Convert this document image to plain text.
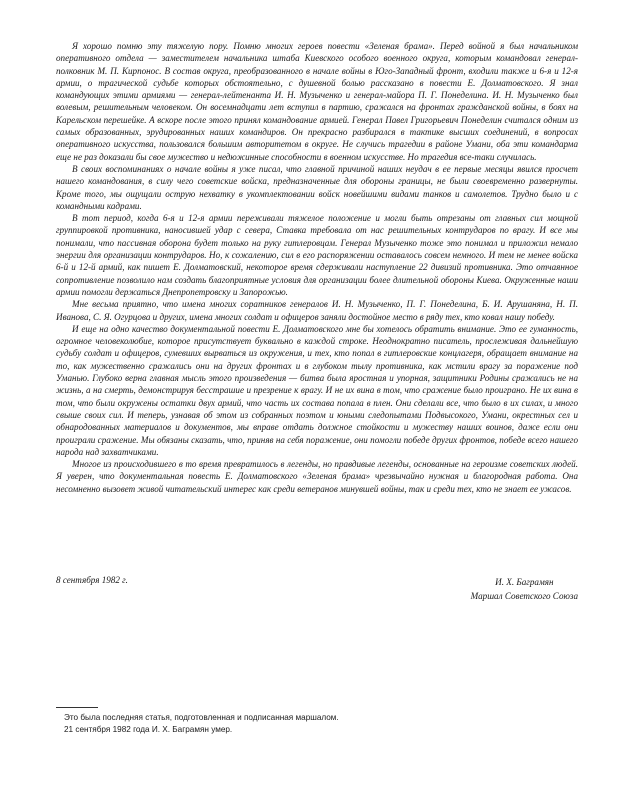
Я хорошо помню эту тяжелую пору. Помню многих героев повести «Зеленая брама». Перед войной я был начальником оперативного отдела — заместителем начальника штаба Киевского особого военного округа, которым командовал генерал-полковник М. П. Кирпонос. В состав округа, преобразованного в начале войны в Юго-Западный фронт, входили также и 6-я и 12-я армии, о трагической судьбе которых обстоятельно, с душевной болью рассказано в повести Е. Долматовского. Я знал командующих этими армиями — генерал-лейтенанта И. Н. Музыченко и генерал-майора П. Г. Понеделина. И. Н. Музыченко был волевым, решительным человеком. Он восемнадцати лет вступил в партию, сражался на фронтах гражданской войны, в боях на Карельском перешейке. А вскоре после этого принял командование армией. Генерал Павел Григорьевич Понеделин считался одним из самых образованных, эрудированных наших командиров. Он прекрасно разбирался в тактике высших соединений, в вопросах оперативного искусства, пользовался большим авторитетом в округе. Не случись трагедии в районе Умани, оба эти командарма еще не раз доказали бы свое мужество и недюжинные способности в военном искусстве. Но трагедия все-таки случилась.

В своих воспоминаниях о начале войны я уже писал, что главной причиной наших неудач в ее первые месяцы явился просчет нашего командования, в силу чего советские войска, предназначенные для обороны границы, не были своевременно развернуты. Кроме того, мы ощущали острую нехватку в укомплектовании войск новейшими видами танков и самолетов. Трудно было и с командными кадрами.

В тот период, когда 6-я и 12-я армии переживали тяжелое положение и могли быть отрезаны от главных сил мощной группировкой противника, наносившей удар с севера, Ставка требовала от нас решительных контрударов по врагу. И все мы понимали, что пассивная оборона будет только на руку гитлеровцам. Генерал Музыченко тоже это понимал и приложил немало энергии для организации контрударов. Но, к сожалению, сил в его распоряжении оставалось совсем немного. И тем не менее войска 6-й и 12-й армий, как пишет Е. Долматовский, некоторое время сдерживали наступление 22 дивизий противника. Это отчаянное сопротивление позволило нам создать благоприятные условия для организации более длительной обороны Киева. Окруженные наши армии помогли держаться Днепропетровску и Запорожью.

Мне весьма приятно, что имена многих соратников генералов И. Н. Музыченко, П. Г. Понеделина, Б. И. Арушаняна, Н. П. Иванова, С. Я. Огурцова и других, имена многих солдат и офицеров заняли достойное место в ряду тех, кто ковал нашу победу.

И еще на одно качество документальной повести Е. Долматовского мне бы хотелось обратить внимание. Это ее гуманность, огромное человеколюбие, которое присутствует буквально в каждой строке. Неоднократно писатель, прослеживая дальнейшую судьбу солдат и офицеров, сумевших вырваться из окружения, и тех, кто попал в гитлеровские концлагеря, обращает внимание на то, как мужественно сражались они на других фронтах и в глубоком тылу противника, как мстили врагу за поражение под Уманью. Глубоко верна главная мысль этого произведения — битва была яростная и упорная, защитники Родины сражались не на жизнь, а на смерть, демонстрируя бесстрашие и презрение к врагу. И не их вина в том, что сражение было проиграно. Не их вина в том, что были окружены остатки двух армий, что часть их состава попала в плен. Они сделали все, что было в их силах, и много свыше своих сил. И теперь, узнавая об этом из собранных поэтом и юными следопытами Подвысокого, Умани, окрестных сел и обнародованных материалов и документов, мы вправе отдать должное стойкости и мужеству наших воинов, даже если они проиграли сражение. Мы обязаны сказать, что, приняв на себя поражение, они помогли победе других фронтов, победе всего нашего народа над захватчиками.

Многое из происходившего в то время превратилось в легенды, но правдивые легенды, основанные на героизме советских людей. Я уверен, что документальная повесть Е. Долматовского «Зеленая брама» чрезвычайно нужная и благородная работа. Она несомненно вызовет живой читательский интерес как среди ветеранов минувшей войны, так и среди тех, кто не знает ее ужасов.

8 сентября 1982 г.	И. Х. Баграмян
Маршал Советского Союза
Это была последняя статья, подготовленная и подписанная маршалом.
21 сентября 1982 года И. Х. Баграмян умер.
